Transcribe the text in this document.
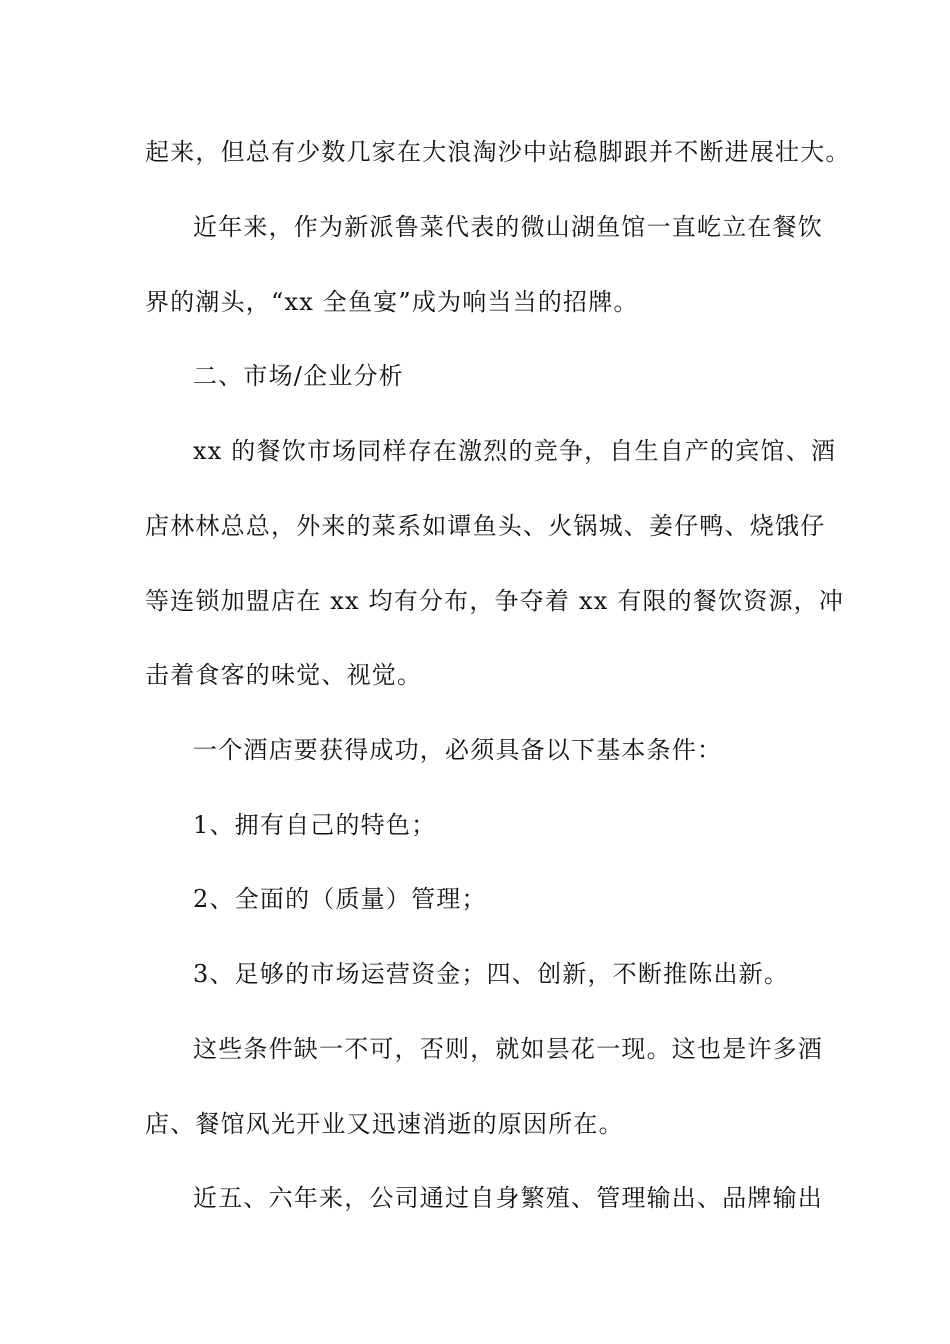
起来，但总有少数几家在大浪淘沙中站稳脚跟并不断进展壮大。
近年来，作为新派鲁菜代表的微山湖鱼馆一直屹立在餐饮
界的潮头，“xx 全鱼宴”成为响当当的招牌。
二、市场/企业分析
xx 的餐饮市场同样存在激烈的竞争，自生自产的宾馆、酒
店林林总总，外来的菜系如谭鱼头、火锅城、姜仔鸭、烧饿仔
等连锁加盟店在 xx 均有分布，争夺着 xx 有限的餐饮资源，冲
击着食客的味觉、视觉。
一个酒店要获得成功，必须具备以下基本条件：
1、拥有自己的特色；
2、全面的（质量）管理；
3、足够的市场运营资金；四、创新，不断推陈出新。
这些条件缺一不可，否则，就如昙花一现。这也是许多酒
店、餐馆风光开业又迅速消逝的原因所在。
近五、六年来，公司通过自身繁殖、管理输出、品牌输出
